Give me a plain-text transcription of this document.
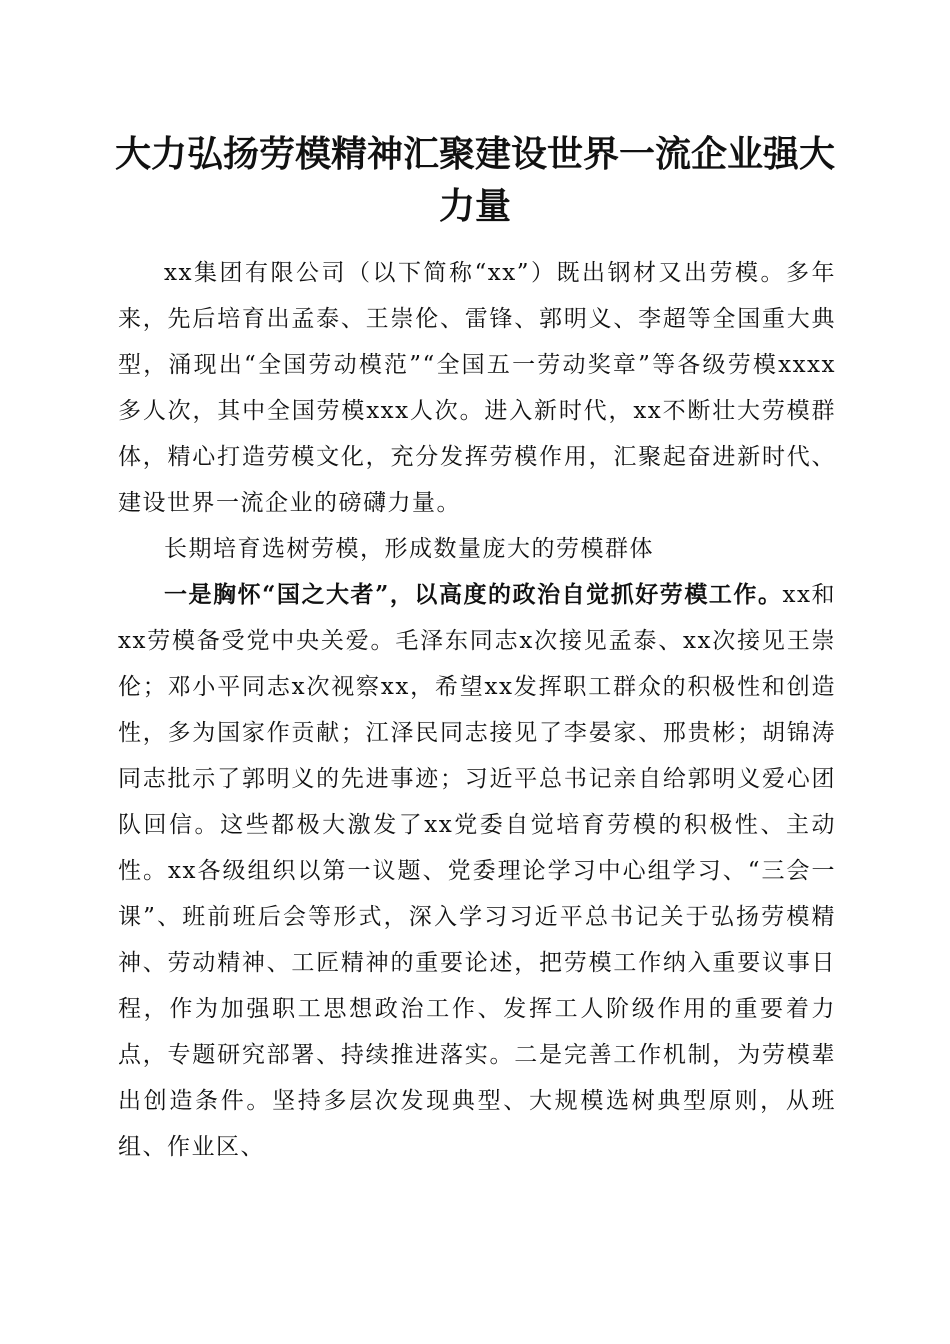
大力弘扬劳模精神汇聚建设世界一流企业强大力量

xx集团有限公司（以下简称“xx”）既出钢材又出劳模。多年来，先后培育出孟泰、王崇伦、雷锋、郭明义、李超等全国重大典型，涌现出“全国劳动模范”“全国五一劳动奖章”等各级劳模xxxx多人次，其中全国劳模xxx人次。进入新时代，xx不断壮大劳模群体，精心打造劳模文化，充分发挥劳模作用，汇聚起奋进新时代、建设世界一流企业的磅礴力量。

长期培育选树劳模，形成数量庞大的劳模群体

一是胸怀“国之大者”，以高度的政治自觉抓好劳模工作。xx和xx劳模备受党中央关爱。毛泽东同志x次接见孟泰、xx次接见王崇伦；邓小平同志x次视察xx，希望xx发挥职工群众的积极性和创造性，多为国家作贡献；江泽民同志接见了李晏家、邢贵彬；胡锦涛同志批示了郭明义的先进事迹；习近平总书记亲自给郭明义爱心团队回信。这些都极大激发了xx党委自觉培育劳模的积极性、主动性。xx各级组织以第一议题、党委理论学习中心组学习、“三会一课”、班前班后会等形式，深入学习习近平总书记关于弘扬劳模精神、劳动精神、工匠精神的重要论述，把劳模工作纳入重要议事日程，作为加强职工思想政治工作、发挥工人阶级作用的重要着力点，专题研究部署、持续推进落实。二是完善工作机制，为劳模辈出创造条件。坚持多层次发现典型、大规模选树典型原则，从班组、作业区、
